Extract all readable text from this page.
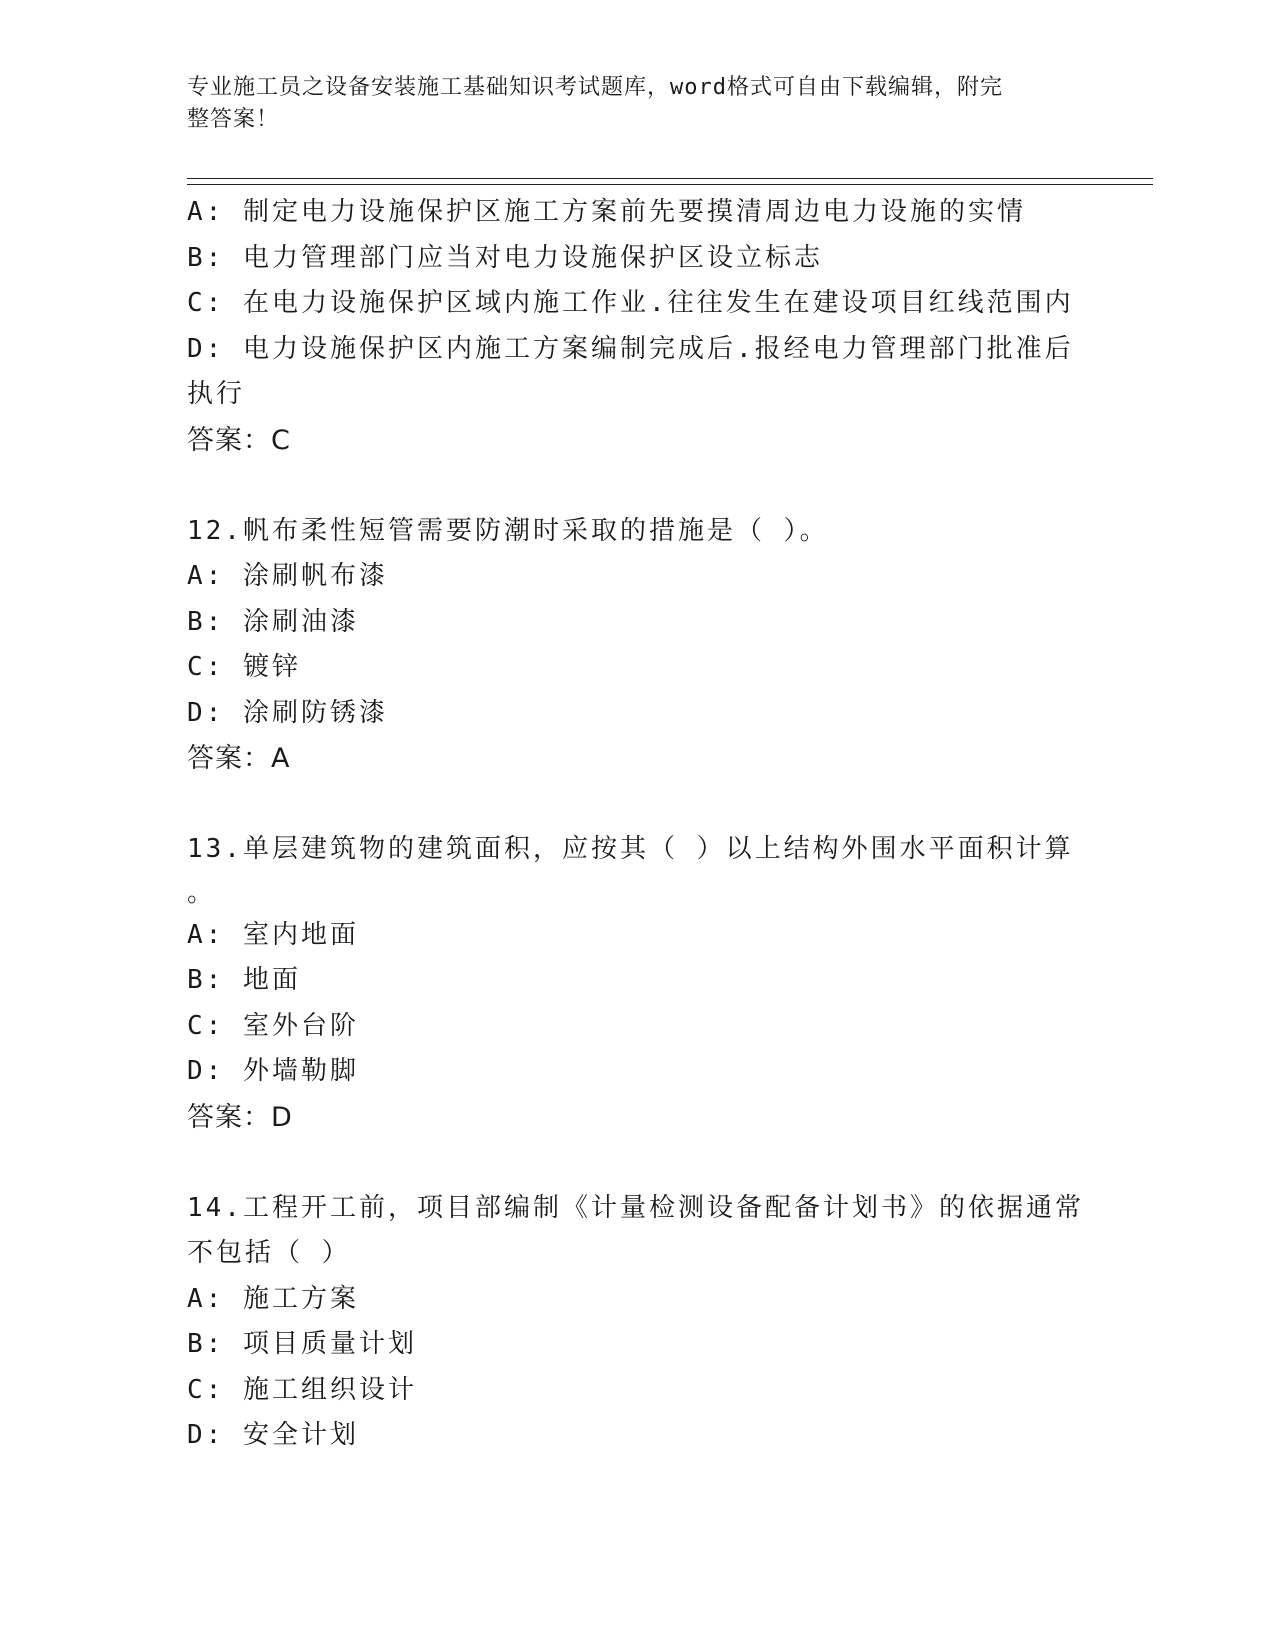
专业施工员之设备安装施工基础知识考试题库，word格式可自由下载编辑，附完
整答案！
A: 制定电力设施保护区施工方案前先要摸清周边电力设施的实情
B: 电力管理部门应当对电力设施保护区设立标志
C: 在电力设施保护区域内施工作业.往往发生在建设项目红线范围内
D: 电力设施保护区内施工方案编制完成后.报经电力管理部门批准后
执行
答案：C
12.帆布柔性短管需要防潮时采取的措施是（ ）。
A: 涂刷帆布漆
B: 涂刷油漆
C: 镀锌
D: 涂刷防锈漆
答案：A
13.单层建筑物的建筑面积，应按其（ ）以上结构外围水平面积计算
。
A: 室内地面
B: 地面
C: 室外台阶
D: 外墙勒脚
答案：D
14.工程开工前，项目部编制《计量检测设备配备计划书》的依据通常
不包括（ ）
A: 施工方案
B: 项目质量计划
C: 施工组织设计
D: 安全计划
